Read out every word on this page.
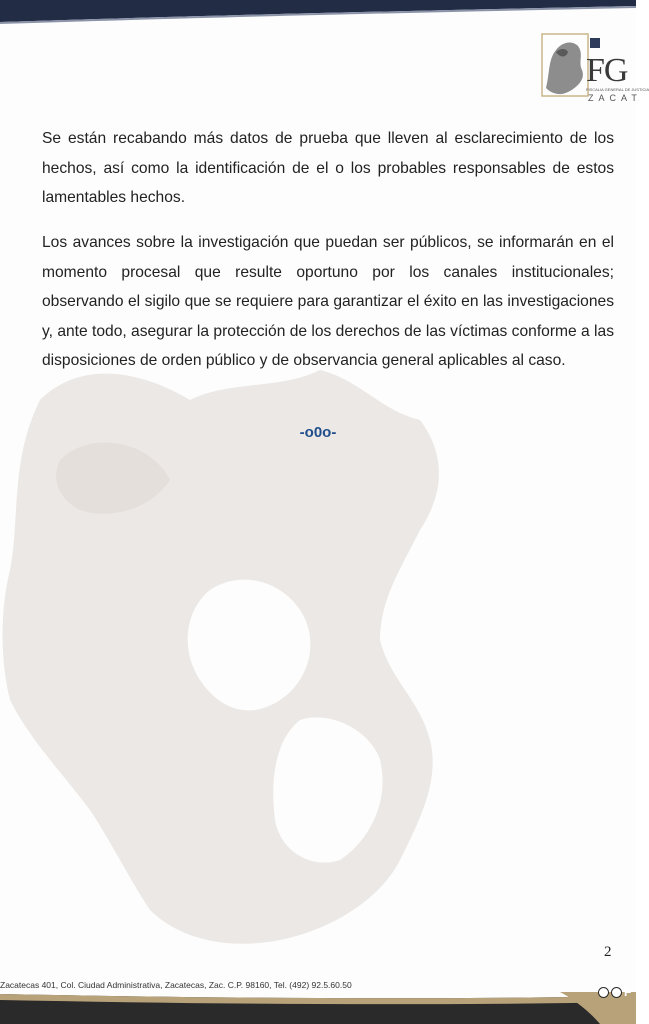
FG
FISCALIA GENERAL DE JUSTICIA
ZACAT

Se están recabando más datos de prueba que lleven al esclarecimiento de los hechos, así como la identificación de el o los probables responsables de estos lamentables hechos.

Los avances sobre la investigación que puedan ser públicos, se informarán en el momento procesal que resulte oportuno por los canales institucionales; observando el sigilo que se requiere para garantizar el éxito en las investigaciones y, ante todo, asegurar la protección de los derechos de las víctimas conforme a las disposiciones de orden público y de observancia general aplicables al caso.

-o0o-
2
Zacatecas 401, Col. Ciudad Administrativa, Zacatecas, Zac. C.P. 98160, Tel. (492) 92.5.60.50	F
